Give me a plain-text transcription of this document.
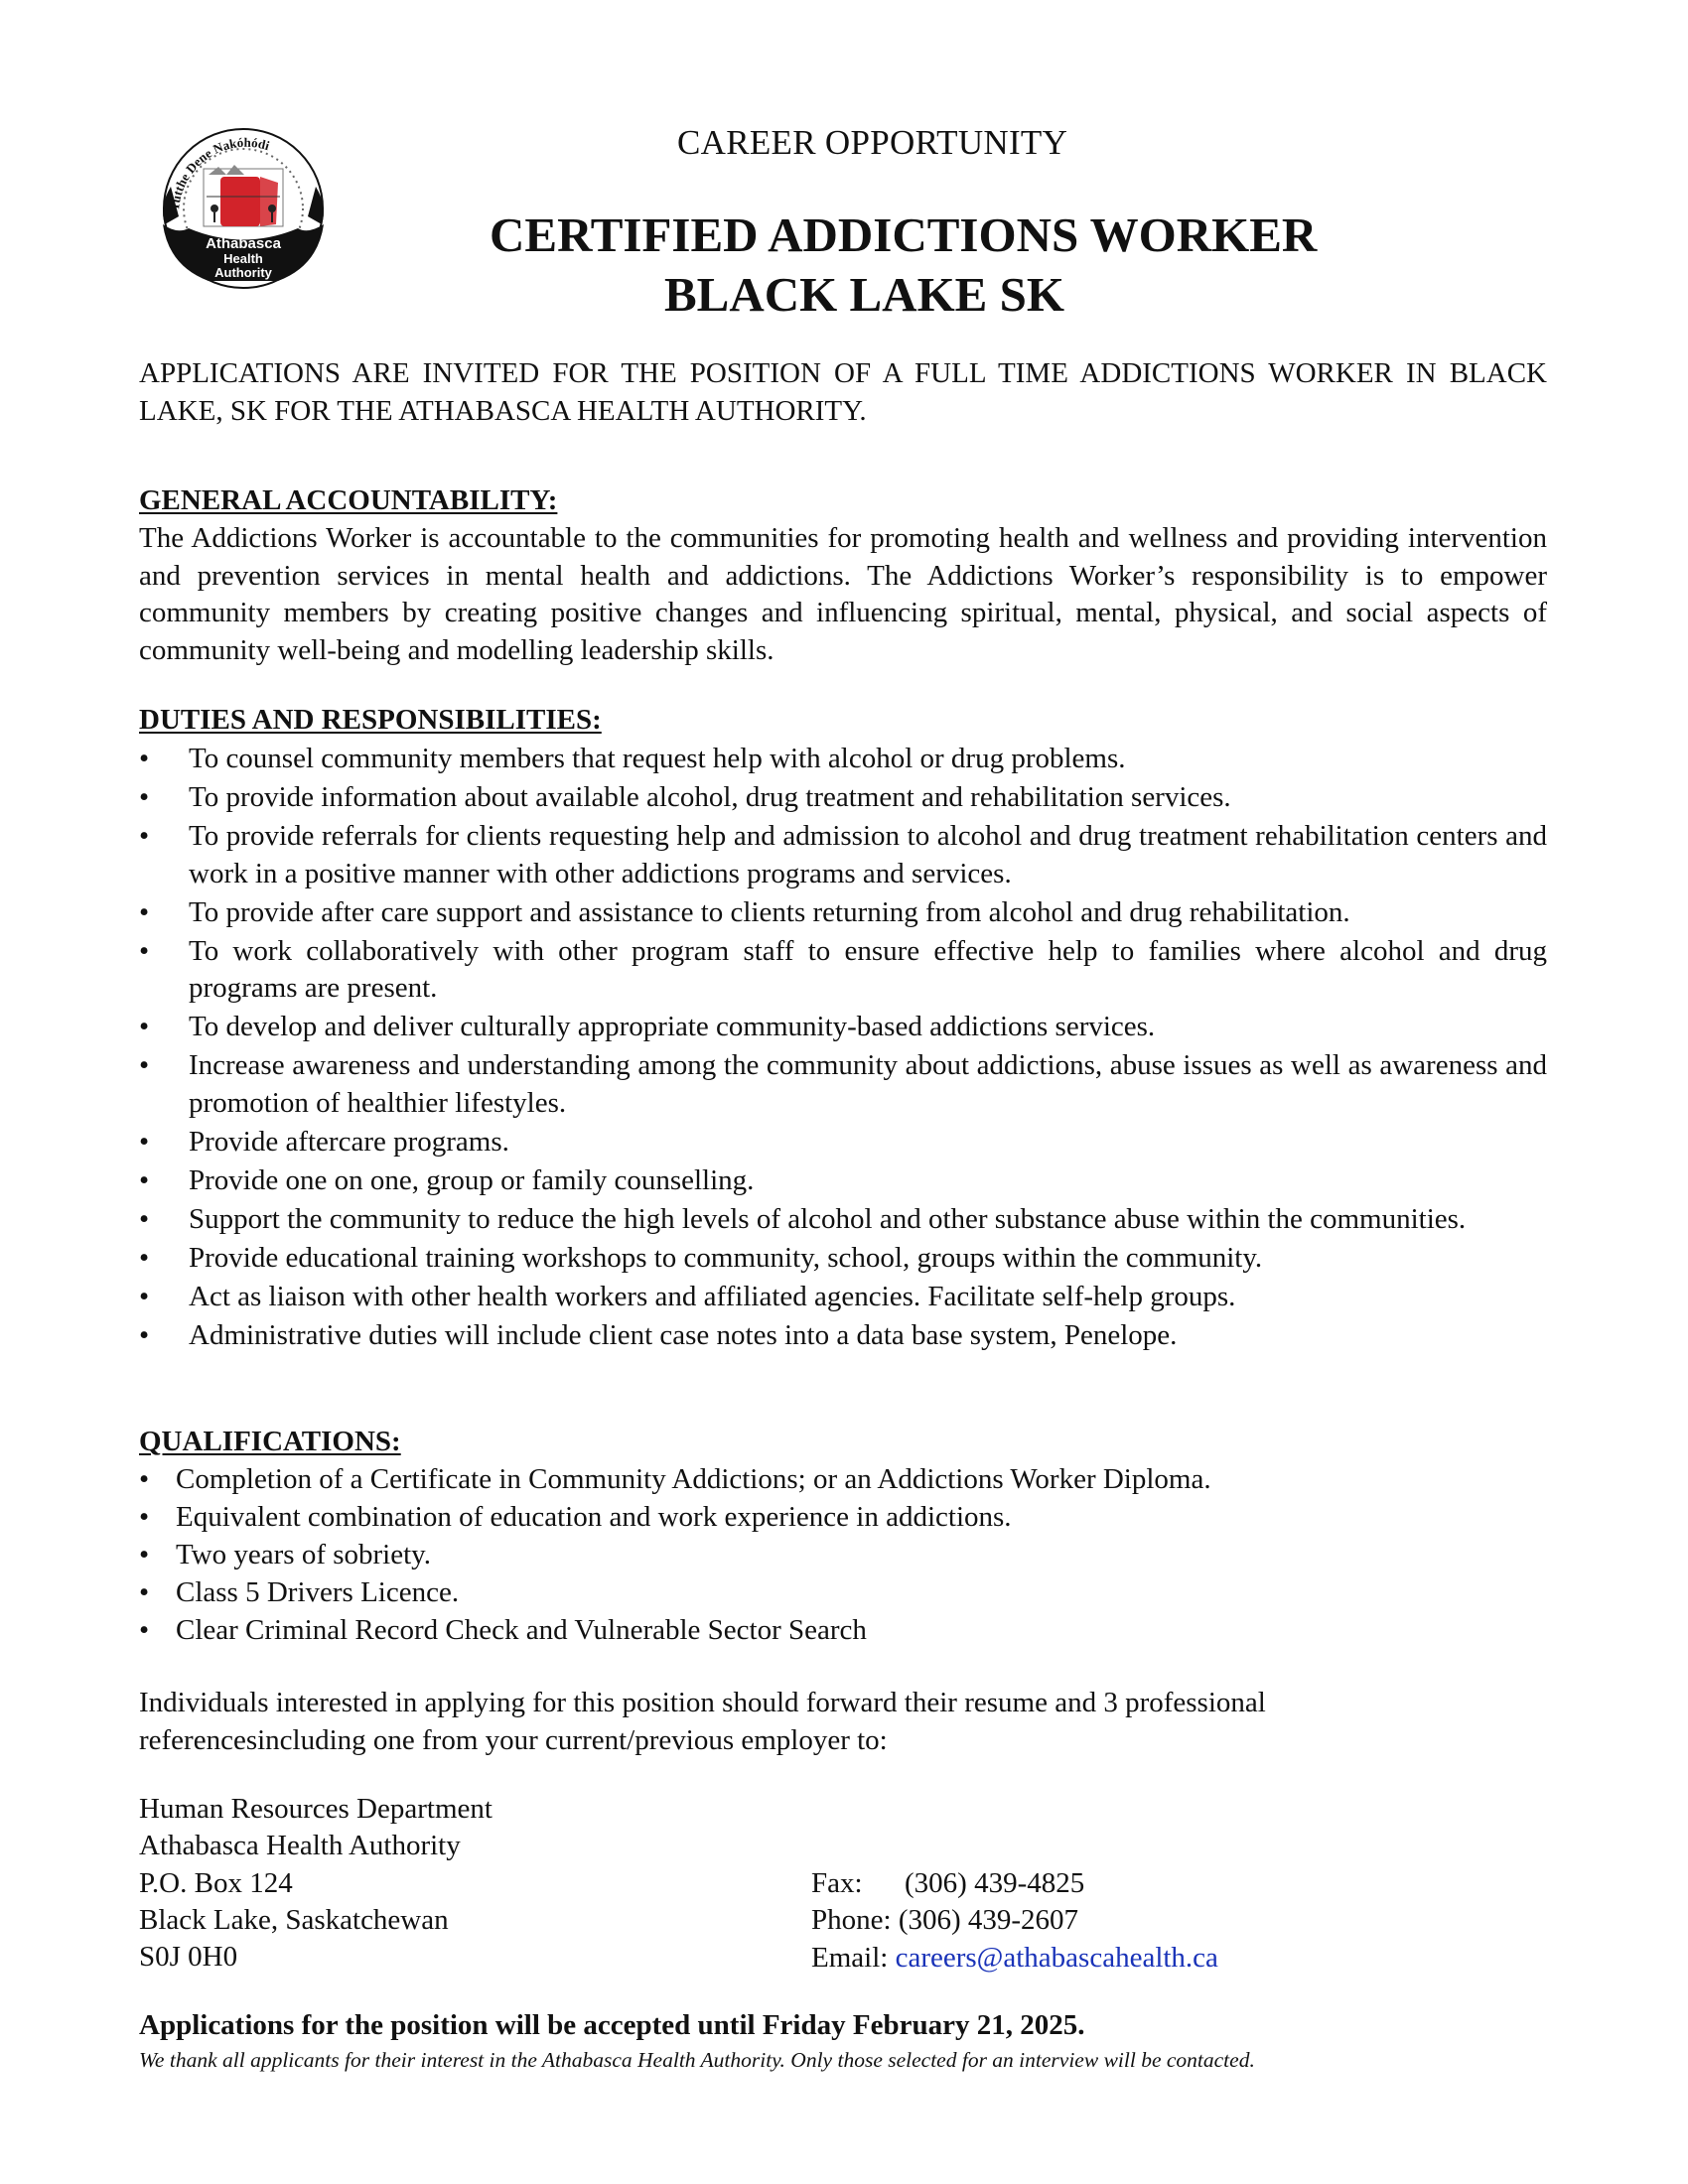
Yutthe Dene Nakóhódi
Athabasca
Health
Authority
CAREER OPPORTUNITY
CERTIFIED ADDICTIONS WORKER
BLACK LAKE SK
APPLICATIONS ARE INVITED FOR THE POSITION OF A FULL TIME ADDICTIONS WORKER IN BLACK LAKE, SK FOR THE ATHABASCA HEALTH AUTHORITY.
GENERAL ACCOUNTABILITY:
The Addictions Worker is accountable to the communities for promoting health and wellness and providing intervention and prevention services in mental health and addictions. The Addictions Worker’s responsibility is to empower community members by creating positive changes and influencing spiritual, mental, physical, and social aspects of community well-being and modelling leadership skills.
DUTIES AND RESPONSIBILITIES:
• To counsel community members that request help with alcohol or drug problems.
• To provide information about available alcohol, drug treatment and rehabilitation services.
• To provide referrals for clients requesting help and admission to alcohol and drug treatment rehabilitation centers and work in a positive manner with other addictions programs and services.
• To provide after care support and assistance to clients returning from alcohol and drug rehabilitation.
• To work collaboratively with other program staff to ensure effective help to families where alcohol and drug programs are present.
• To develop and deliver culturally appropriate community-based addictions services.
• Increase awareness and understanding among the community about addictions, abuse issues as well as awareness and promotion of healthier lifestyles.
• Provide aftercare programs.
• Provide one on one, group or family counselling.
• Support the community to reduce the high levels of alcohol and other substance abuse within the communities.
• Provide educational training workshops to community, school, groups within the community.
• Act as liaison with other health workers and affiliated agencies. Facilitate self-help groups.
• Administrative duties will include client case notes into a data base system, Penelope.
QUALIFICATIONS:
• Completion of a Certificate in Community Addictions; or an Addictions Worker Diploma.
• Equivalent combination of education and work experience in addictions.
• Two years of sobriety.
• Class 5 Drivers Licence.
• Clear Criminal Record Check and Vulnerable Sector Search
Individuals interested in applying for this position should forward their resume and 3 professional referencesincluding one from your current/previous employer to:
Human Resources Department
Athabasca Health Authority
P.O. Box 124
Black Lake, Saskatchewan
S0J 0H0
Fax: (306) 439-4825
Phone: (306) 439-2607
Email: careers@athabascahealth.ca
Applications for the position will be accepted until Friday February 21, 2025.
We thank all applicants for their interest in the Athabasca Health Authority. Only those selected for an interview will be contacted.
